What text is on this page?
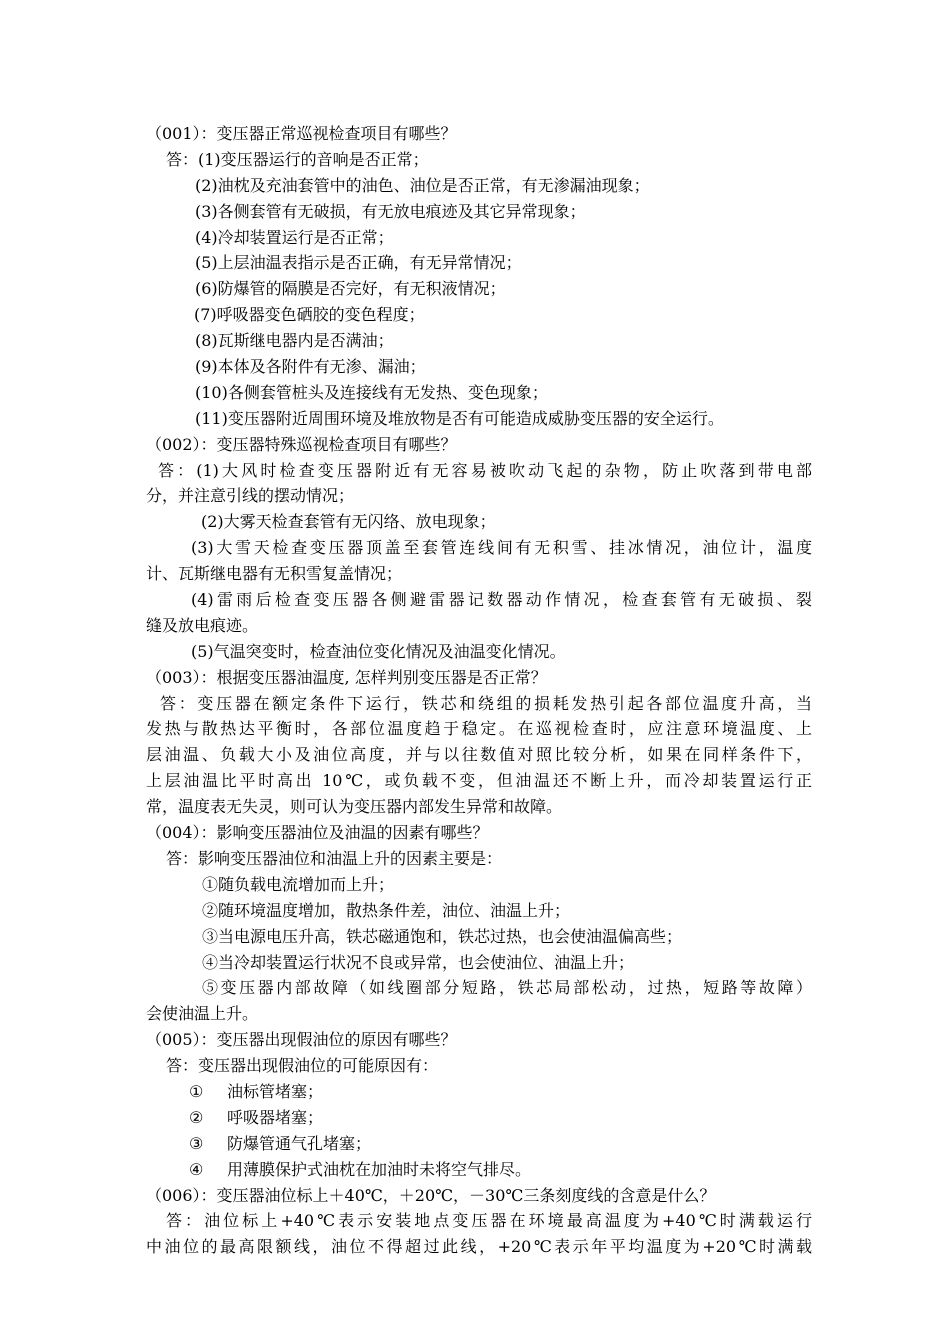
（001）：变压器正常巡视检查项目有哪些？
答：(1)变压器运行的音响是否正常；
(2)油枕及充油套管中的油色、油位是否正常，有无渗漏油现象；
(3)各侧套管有无破损，有无放电痕迹及其它异常现象；
(4)冷却装置运行是否正常；
(5)上层油温表指示是否正确，有无异常情况；
(6)防爆管的隔膜是否完好，有无积液情况；
(7)呼吸器变色硒胶的变色程度；
(8)瓦斯继电器内是否满油；
(9)本体及各附件有无渗、漏油；
(10)各侧套管桩头及连接线有无发热、变色现象；
(11)变压器附近周围环境及堆放物是否有可能造成威胁变压器的安全运行。
（002）：变压器特殊巡视检查项目有哪些？
答：(1)大风时检查变压器附近有无容易被吹动飞起的杂物，防止吹落到带电部
分，并注意引线的摆动情况；
(2)大雾天检查套管有无闪络、放电现象；
(3)大雪天检查变压器顶盖至套管连线间有无积雪、挂冰情况，油位计，温度
计、瓦斯继电器有无积雪复盖情况；
(4)雷雨后检查变压器各侧避雷器记数器动作情况，检查套管有无破损、裂
缝及放电痕迹。
(5)气温突变时，检查油位变化情况及油温变化情况。
（003）：根据变压器油温度, 怎样判别变压器是否正常？
答：变压器在额定条件下运行，铁芯和绕组的损耗发热引起各部位温度升高，当
发热与散热达平衡时，各部位温度趋于稳定。在巡视检查时，应注意环境温度、上
层油温、负载大小及油位高度，并与以往数值对照比较分析，如果在同样条件下，
上层油温比平时高出 10℃，或负载不变，但油温还不断上升，而冷却装置运行正
常，温度表无失灵，则可认为变压器内部发生异常和故障。
（004）：影响变压器油位及油温的因素有哪些？
答：影响变压器油位和油温上升的因素主要是：
①随负载电流增加而上升；
②随环境温度增加，散热条件差，油位、油温上升；
③当电源电压升高，铁芯磁通饱和，铁芯过热，也会使油温偏高些；
④当冷却装置运行状况不良或异常，也会使油位、油温上升；
⑤变压器内部故障（如线圈部分短路，铁芯局部松动，过热，短路等故障）
会使油温上升。
（005）：变压器出现假油位的原因有哪些？
答：变压器出现假油位的可能原因有：
① 油标管堵塞；
② 呼吸器堵塞；
③ 防爆管通气孔堵塞；
④ 用薄膜保护式油枕在加油时未将空气排尽。
（006）：变压器油位标上＋40℃，＋20℃，－30℃三条刻度线的含意是什么？
答：油位标上+40℃表示安装地点变压器在环境最高温度为+40℃时满载运行
中油位的最高限额线，油位不得超过此线，+20℃表示年平均温度为+20℃时满载
